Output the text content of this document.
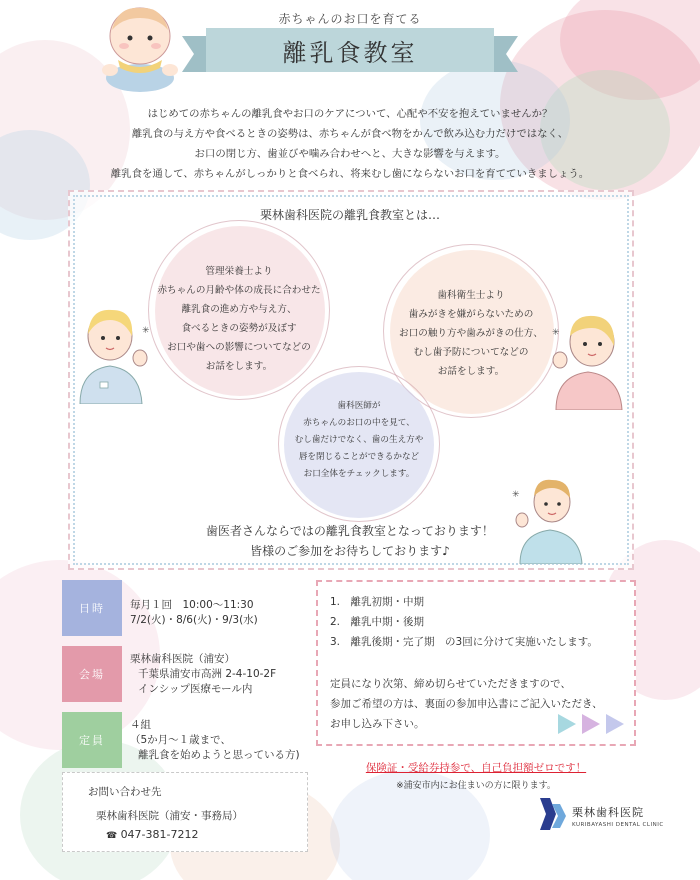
赤ちゃんのお口を育てる
離乳食教室
はじめての赤ちゃんの離乳食やお口のケアについて、心配や不安を抱えていませんか？
離乳食の与え方や食べるときの姿勢は、赤ちゃんが食べ物をかんで飲み込む力だけではなく、
お口の閉じ方、歯並びや噛み合わせへと、大きな影響を与えます。
離乳食を通して、赤ちゃんがしっかりと食べられ、将来むし歯にならないお口を育てていきましょう。
栗林歯科医院の離乳食教室とは…
管理栄養士より
赤ちゃんの月齢や体の成長に合わせた
離乳食の進め方や与え方、
食べるときの姿勢が及ぼす
お口や歯への影響についてなどの
お話をします。
歯科衛生士より
歯みがきを嫌がらないための
お口の触り方や歯みがきの仕方、
むし歯予防についてなどの
お話をします。
歯科医師が
赤ちゃんのお口の中を見て、
むし歯だけでなく、歯の生え方や
唇を閉じることができるかなど
お口全体をチェックします。
✳	✳
✳
歯医者さんならではの離乳食教室となっております！
皆様のご参加をお待ちしております♪
日時	毎月１回　10:00〜11:30
7/2(火)・8/6(火)・9/3(水)
会場
栗林歯科医院（浦安）
千葉県浦安市高洲 2-4-10-2F
インシップ医療モール内
定員
４組
（5か月〜１歳まで、
離乳食を始めようと思っている方)
1.　離乳初期・中期
2.　離乳中期・後期
3.　離乳後期・完了期　の3回に分けて実施いたします。
定員になり次第、締め切らせていただきますので、
参加ご希望の方は、裏面の参加申込書にご記入いただき、
お申し込み下さい。
保険証・受給券持参で、自己負担額ゼロです！
※浦安市内にお住まいの方に限ります。
お問い合わせ先
栗林歯科医院（浦安・事務局）
☎ 047-381-7212
栗林歯科医院
KURIBAYASHI DENTAL CLINIC
